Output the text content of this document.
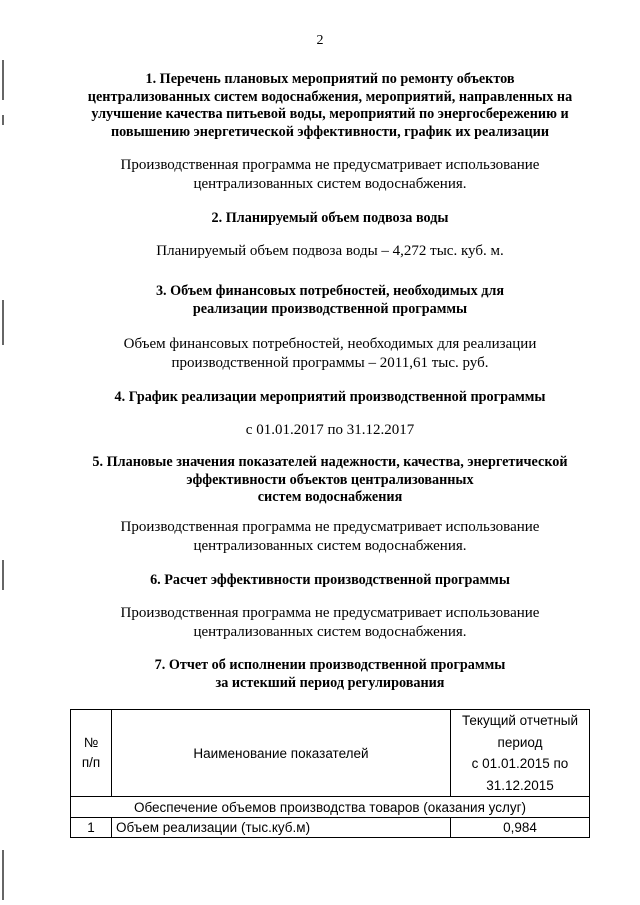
2
1. Перечень плановых мероприятий по ремонту объектов
централизованных систем водоснабжения, мероприятий, направленных на
улучшение качества питьевой воды, мероприятий по энергосбережению и
повышению энергетической эффективности, график их реализации
Производственная программа не предусматривает использование
централизованных систем водоснабжения.
2. Планируемый объем подвоза воды
Планируемый объем подвоза воды – 4,272 тыс. куб. м.
3. Объем финансовых потребностей, необходимых для
реализации производственной программы
Объем финансовых потребностей, необходимых для реализации
производственной программы – 2011,61 тыс. руб.
4. График реализации мероприятий производственной программы
с 01.01.2017 по 31.12.2017
5. Плановые значения показателей надежности, качества, энергетической
эффективности объектов централизованных
систем водоснабжения
Производственная программа не предусматривает использование
централизованных систем водоснабжения.
6. Расчет эффективности производственной программы
Производственная программа не предусматривает использование
централизованных систем водоснабжения.
7. Отчет об исполнении производственной программы
за истекший период регулирования
№
п/п	Наименование показателей	Текущий отчетный
период
с 01.01.2015 по
31.12.2015

Обеспечение объемов производства товаров (оказания услуг)		
1	Объем реализации (тыс.куб.м)	0,984
